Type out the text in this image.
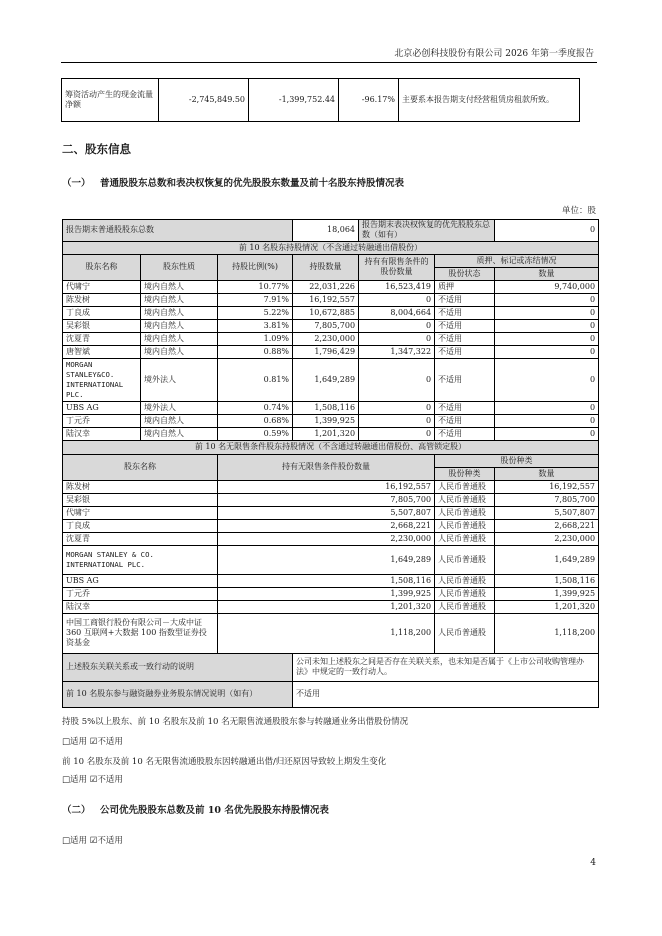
北京必创科技股份有限公司 2026 年第一季度报告
筹资活动产生的现金流量净额	-2,745,849.50	-1,399,752.44	-96.17%	主要系本报告期支付经营租赁房租款所致。
二、股东信息
（一） 普通股股东总数和表决权恢复的优先股股东数量及前十名股东持股情况表
单位：股
报告期末普通股股东总数			18,064	报告期末表决权恢复的优先股股东总数（如有）		0
前 10 名股东持股情况（不含通过转融通出借股份）						
股东名称	股东性质	持股比例(%)	持股数量	持有有限售条件的股份数量	质押、标记或冻结情况	
					股份状态	数量
代啸宁	境内自然人	10.77%	22,031,226	16,523,419	质押	9,740,000
陈发树	境内自然人	7.91%	16,192,557	0	不适用	0
丁良成	境内自然人	5.22%	10,672,885	8,004,664	不适用	0
吴彩银	境内自然人	3.81%	7,805,700	0	不适用	0
沈夏青	境内自然人	1.09%	2,230,000	0	不适用	0
唐智斌	境内自然人	0.88%	1,796,429	1,347,322	不适用	0
MORGAN STANLEY&CO. INTERNATIONAL PLC.	境外法人	0.81%	1,649,289	0	不适用	0
UBS AG	境外法人	0.74%	1,508,116	0	不适用	0
丁元乔	境内自然人	0.68%	1,399,925	0	不适用	0
陆汉幸	境内自然人	0.59%	1,201,320	0	不适用	0
前 10 名无限售条件股东持股情况（不含通过转融通出借股份、高管锁定股）						
股东名称		持有无限售条件股份数量			股份种类	
					股份种类	数量
陈发树		16,192,557			人民币普通股	16,192,557
吴彩银		7,805,700			人民币普通股	7,805,700
代啸宁		5,507,807			人民币普通股	5,507,807
丁良成		2,668,221			人民币普通股	2,668,221
沈夏青		2,230,000			人民币普通股	2,230,000
MORGAN STANLEY & CO. INTERNATIONAL PLC.		1,649,289			人民币普通股	1,649,289
UBS AG		1,508,116			人民币普通股	1,508,116
丁元乔		1,399,925			人民币普通股	1,399,925
陆汉幸		1,201,320			人民币普通股	1,201,320
中国工商银行股份有限公司－大成中证 360 互联网+大数据 100 指数型证券投资基金		1,118,200			人民币普通股	1,118,200
上述股东关联关系或一致行动的说明			公司未知上述股东之间是否存在关联关系，也未知是否属于《上市公司收购管理办法》中规定的一致行动人。			
前 10 名股东参与融资融券业务股东情况说明（如有）			不适用			
持股 5%以上股东、前 10 名股东及前 10 名无限售流通股股东参与转融通业务出借股份情况
□适用 ☑不适用
前 10 名股东及前 10 名无限售流通股股东因转融通出借/归还原因导致较上期发生变化
□适用 ☑不适用
（二） 公司优先股股东总数及前 10 名优先股股东持股情况表
□适用 ☑不适用
4
